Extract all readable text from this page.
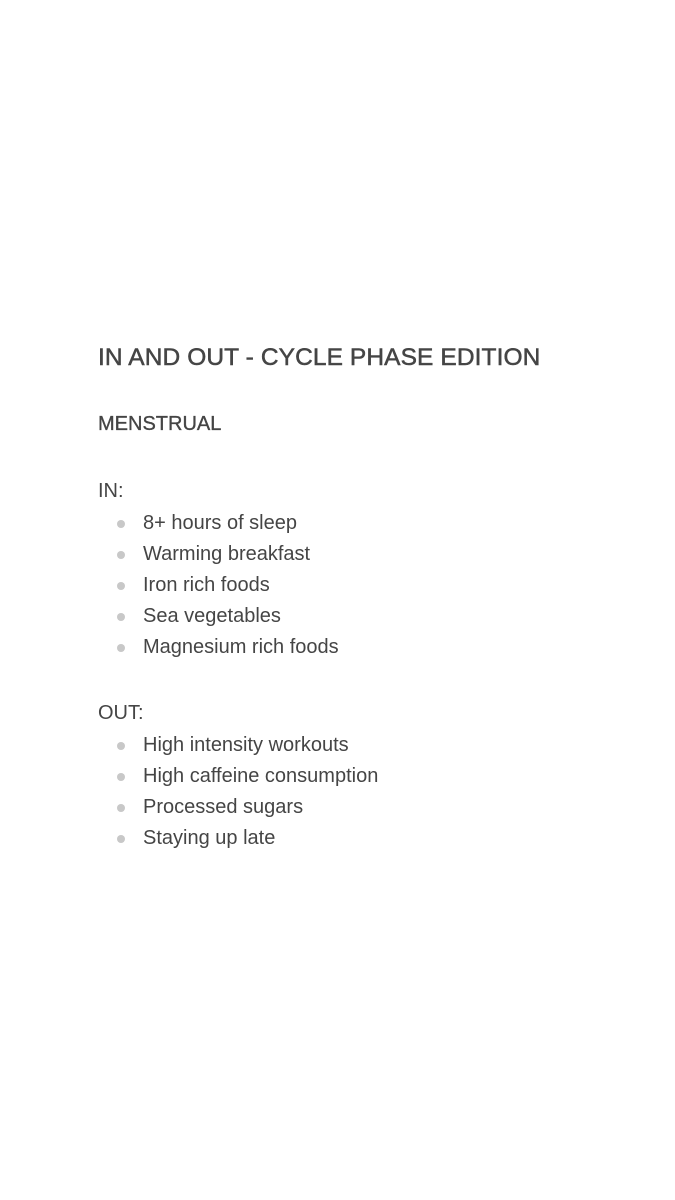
IN AND OUT - CYCLE PHASE EDITION
MENSTRUAL
IN:
8+ hours of sleep
Warming breakfast
Iron rich foods
Sea vegetables
Magnesium rich foods
OUT:
High intensity workouts
High caffeine consumption
Processed sugars
Staying up late
